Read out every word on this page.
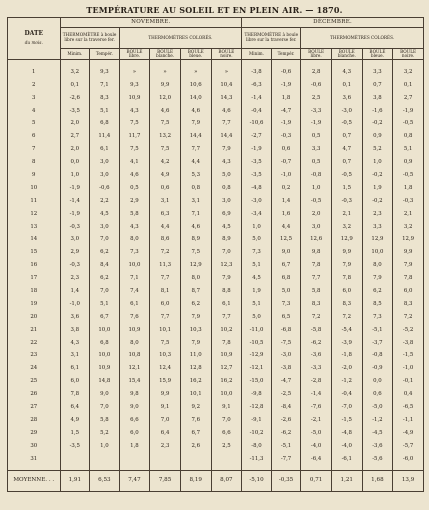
TEMPÉRATURE AU SOLEIL ET EN PLEIN AIR. — 1870.
DATE
du mois.	NOVEMBRE.						DÉCEMBRE.					
	THERMOMÈTRE à boule libre sur la traverse fer.		THERMOMÈTRES COLORÉS.				THERMOMÈTRE à boule libre sur la traverse fer.		THERMOMÈTRES COLORÉS.			
	Minim.	Tempér.	BOULE libre.	BOULE blanche.	BOULE bleue.	BOULE noire.	Minim.	Tempér.	BOULE libre.	BOULE blanche.	BOULE bleue.	BOULE noire.
1	3,2	9,3	»	»	»	»	-3,8	-0,6	2,8	4,3	3,3	3,2
2	0,1	7,1	9,3	9,9	10,6	10,4	-6,3	-1,9	-0,6	0,1	0,7	0,1
3	-2,6	8,3	10,9	12,0	14,0	14,3	-1,4	1,8	2,5	3,6	3,8	2,7
4	-3,5	5,1	4,3	4,6	4,6	4,6	-0,4	-4,7	-3,3	-3,0	-1,6	-1,9
5	2,0	6,8	7,5	7,5	7,9	7,7	-10,6	-1,9	-1,9	-0,5	-0,2	-0,5
6	2,7	11,4	11,7	13,2	14,4	14,4	-2,7	-0,3	0,5	0,7	0,9	0,8
7	2,0	6,1	7,5	7,5	7,7	7,9	-1,9	0,6	3,3	4,7	5,2	5,1
8	0,0	3,0	4,1	4,2	4,4	4,3	-3,5	-0,7	0,5	0,7	1,0	0,9
9	1,0	3,0	4,6	4,9	5,3	5,0	-3,5	-1,0	-0,8	-0,5	-0,2	-0,5
10	-1,9	-0,6	0,5	0,6	0,8	0,8	-4,8	0,2	1,0	1,5	1,9	1,8
11	-1,4	2,2	2,9	3,1	3,1	3,0	-3,0	1,4	-0,5	-0,3	-0,2	-0,3
12	-1,9	4,5	5,8	6,3	7,1	6,9	-3,4	1,6	2,0	2,1	2,3	2,1
13	-0,3	3,0	4,3	4,4	4,6	4,5	1,0	4,4	3,0	3,2	3,3	3,2
14	3,0	7,0	8,0	8,6	8,9	8,9	5,0	12,5	12,6	12,9	12,9	12,9
15	2,9	6,2	7,3	7,2	7,5	7,0	7,3	9,0	9,8	9,9	10,0	9,9
16	-0,3	8,4	10,0	11,3	12,9	12,3	5,1	6,7	7,8	7,9	8,0	7,9
17	2,3	6,2	7,1	7,7	8,0	7,9	4,5	6,8	7,7	7,8	7,9	7,8
18	1,4	7,0	7,4	8,1	8,7	8,8	1,9	5,0	5,8	6,0	6,2	6,0
19	-1,0	5,1	6,1	6,0	6,2	6,1	5,1	7,3	8,3	8,3	8,5	8,3
20	3,6	6,7	7,6	7,7	7,9	7,7	5,0	6,5	7,2	7,2	7,3	7,2
21	3,8	10,0	10,9	10,1	10,3	10,2	-11,0	-6,8	-5,8	-5,4	-5,1	-5,2
22	4,3	6,8	8,0	7,5	7,9	7,8	-10,5	-7,5	-6,2	-3,9	-3,7	-3,8
23	3,1	10,0	10,8	10,3	11,0	10,9	-12,9	-3,0	-3,6	-1,8	-0,8	-1,5
24	6,1	10,9	12,1	12,4	12,8	12,7	-12,1	-3,8	-3,3	-2,0	-0,9	-1,0
25	6,0	14,8	15,4	15,9	16,2	16,2	-15,0	-4,7	-2,8	-1,2	0,0	-0,1
26	7,8	9,0	9,8	9,9	10,1	10,0	-9,8	-2,5	-1,4	-0,4	0,6	0,4
27	6,4	7,0	9,0	9,1	9,2	9,1	-12,8	-8,4	-7,6	-7,0	-5,0	-6,5
28	4,9	5,8	6,6	7,0	7,6	7,0	-9,1	-2,6	-2,1	-1,5	-1,2	-1,1
29	1,5	5,2	6,0	6,4	6,7	6,6	-10,2	-6,2	-5,0	-4,8	-4,5	-4,9
30	-3,5	1,0	1,8	2,3	2,6	2,5	-8,0	-5,1	-4,0	-4,0	-3,6	-5,7
31							-11,3	-7,7	-6,4	-6,1	-5,6	-6,0

MOYENNE. . .	1,91	6,53	7,47	7,85	8,19	8,07	-5,10	-0,35	0,71	1,21	1,68	13,9
